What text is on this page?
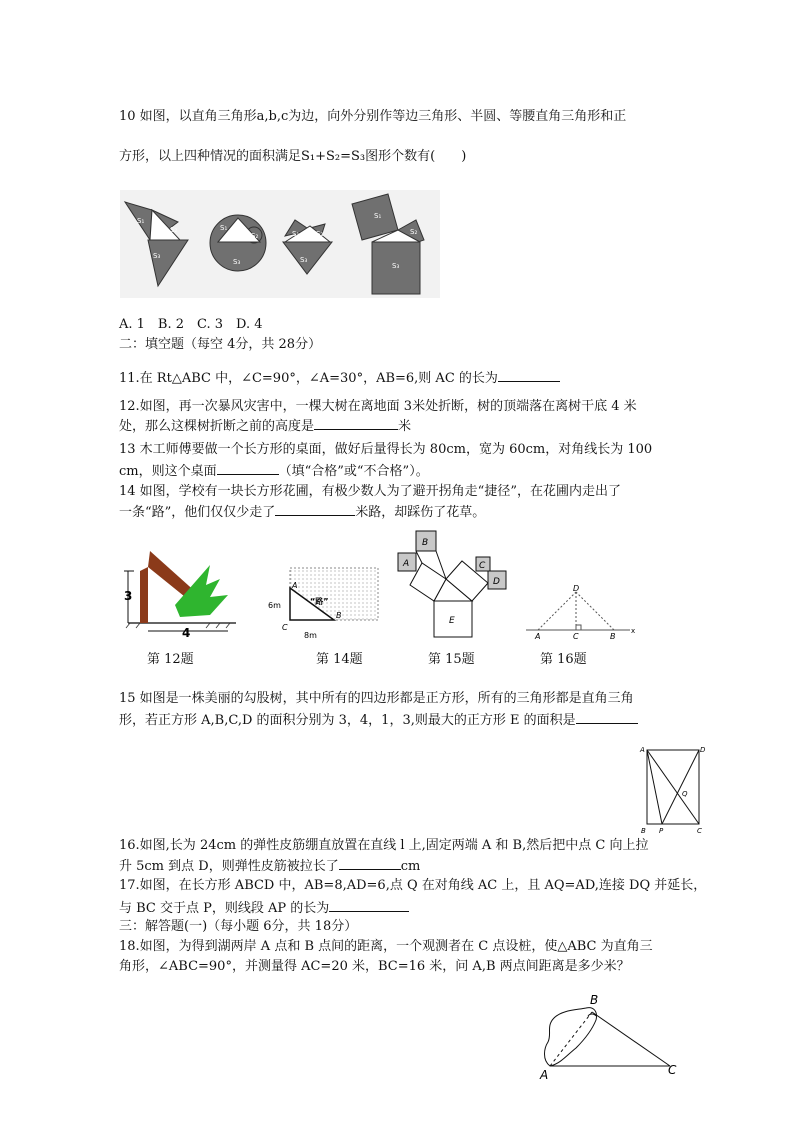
10 如图，以直角三角形a,b,c为边，向外分别作等边三角形、半圆、等腰直角三角形和正
方形，以上四种情况的面积满足S₁+S₂=S₃图形个数有(　　)
S₁
S₂
S₃
S₁
S₂
S₃
S₁ S₂
S₃
S₁
S₂
S₃
A. 1　B. 2　C. 3　D. 4
二：填空题（每空 4分，共 28分）
11.在 Rt△ABC 中，∠C=90°，∠A=30°，AB=6,则 AC 的长为
12.如图，再一次暴风灾害中，一棵大树在离地面 3米处折断，树的顶端落在离树干底 4 米
处，那么这棵树折断之前的高度是	米
13 木工师傅要做一个长方形的桌面，做好后量得长为 80cm，宽为 60cm，对角线长为 100
cm，则这个桌面	（填“合格”或“不合格”）。
14 如图，学校有一块长方形花圃，有极少数人为了避开拐角走“捷径”，在花圃内走出了
一条“路”，他们仅仅少走了	米路，却踩伤了花草。
3
4
第 12题
A
B
C
6m
8m
“路”
第 14题
B
A	C
D
E
第 15题
x
D
A	C	B
第 16题
15 如图是一株美丽的勾股树，其中所有的四边形都是正方形，所有的三角形都是直角三角
形，若正方形 A,B,C,D 的面积分别为 3，4，1，3,则最大的正方形 E 的面积是
A	D
Q
B P	C
16.如图,长为 24cm 的弹性皮筋绷直放置在直线 l 上,固定两端 A 和 B,然后把中点 C 向上拉
升 5cm 到点 D，则弹性皮筋被拉长了	cm
17.如图，在长方形 ABCD 中，AB=8,AD=6,点 Q 在对角线 AC 上，且 AQ=AD,连接 DQ 并延长，
与 BC 交于点 P，则线段 AP 的长为
三：解答题(一)（每小题 6分，共 18分）
18.如图，为得到湖两岸 A 点和 B 点间的距离，一个观测者在 C 点设桩，使△ABC 为直角三
角形，∠ABC=90°，并测量得 AC=20 米，BC=16 米，问 A,B 两点间距离是多少米？
B
A	C
